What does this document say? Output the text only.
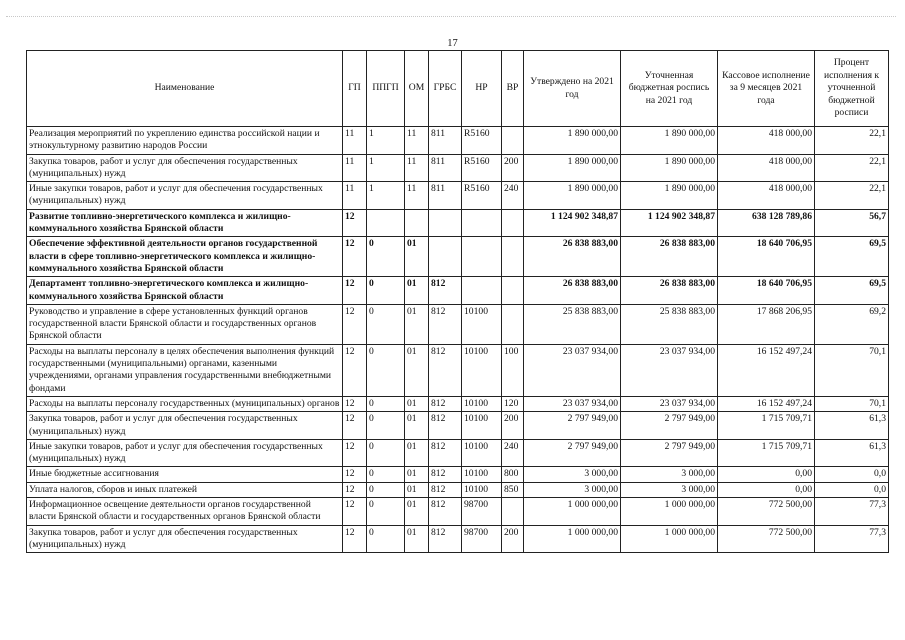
17
Наименование	ГП	ППГП	ОМ	ГРБС	НР	ВР	Утверждено на 2021 год	Уточненная бюджетная роспись на 2021 год	Кассовое исполнение за 9 месяцев 2021 года	Процент исполнения к уточненной бюджетной росписи
Реализация мероприятий по укреплению единства российской нации и этнокультурному развитию народов России	11	1	11	811	R5160		1 890 000,00	1 890 000,00	418 000,00	22,1
Закупка товаров, работ и услуг для обеспечения государственных (муниципальных) нужд	11	1	11	811	R5160	200	1 890 000,00	1 890 000,00	418 000,00	22,1
Иные закупки товаров, работ и услуг для обеспечения государственных (муниципальных) нужд	11	1	11	811	R5160	240	1 890 000,00	1 890 000,00	418 000,00	22,1
Развитие топливно-энергетического комплекса и жилищно-коммунального хозяйства Брянской области	12						1 124 902 348,87	1 124 902 348,87	638 128 789,86	56,7
Обеспечение эффективной деятельности органов государственной власти в сфере топливно-энергетического комплекса и жилищно-коммунального хозяйства Брянской области	12	0	01				26 838 883,00	26 838 883,00	18 640 706,95	69,5
Департамент топливно-энергетического комплекса и жилищно-коммунального хозяйства Брянской области	12	0	01	812			26 838 883,00	26 838 883,00	18 640 706,95	69,5
Руководство и управление в сфере установленных функций органов государственной власти Брянской области и государственных органов Брянской области	12	0	01	812	10100		25 838 883,00	25 838 883,00	17 868 206,95	69,2
Расходы на выплаты персоналу в целях обеспечения выполнения функций государственными (муниципальными) органами, казенными учреждениями, органами управления государственными внебюджетными фондами	12	0	01	812	10100	100	23 037 934,00	23 037 934,00	16 152 497,24	70,1
Расходы на выплаты персоналу государственных (муниципальных) органов	12	0	01	812	10100	120	23 037 934,00	23 037 934,00	16 152 497,24	70,1
Закупка товаров, работ и услуг для обеспечения государственных (муниципальных) нужд	12	0	01	812	10100	200	2 797 949,00	2 797 949,00	1 715 709,71	61,3
Иные закупки товаров, работ и услуг для обеспечения государственных (муниципальных) нужд	12	0	01	812	10100	240	2 797 949,00	2 797 949,00	1 715 709,71	61,3
Иные бюджетные ассигнования	12	0	01	812	10100	800	3 000,00	3 000,00	0,00	0,0
Уплата налогов, сборов и иных платежей	12	0	01	812	10100	850	3 000,00	3 000,00	0,00	0,0
Информационное освещение деятельности органов государственной власти Брянской области и государственных органов Брянской области	12	0	01	812	98700		1 000 000,00	1 000 000,00	772 500,00	77,3
Закупка товаров, работ и услуг для обеспечения государственных (муниципальных) нужд	12	0	01	812	98700	200	1 000 000,00	1 000 000,00	772 500,00	77,3
